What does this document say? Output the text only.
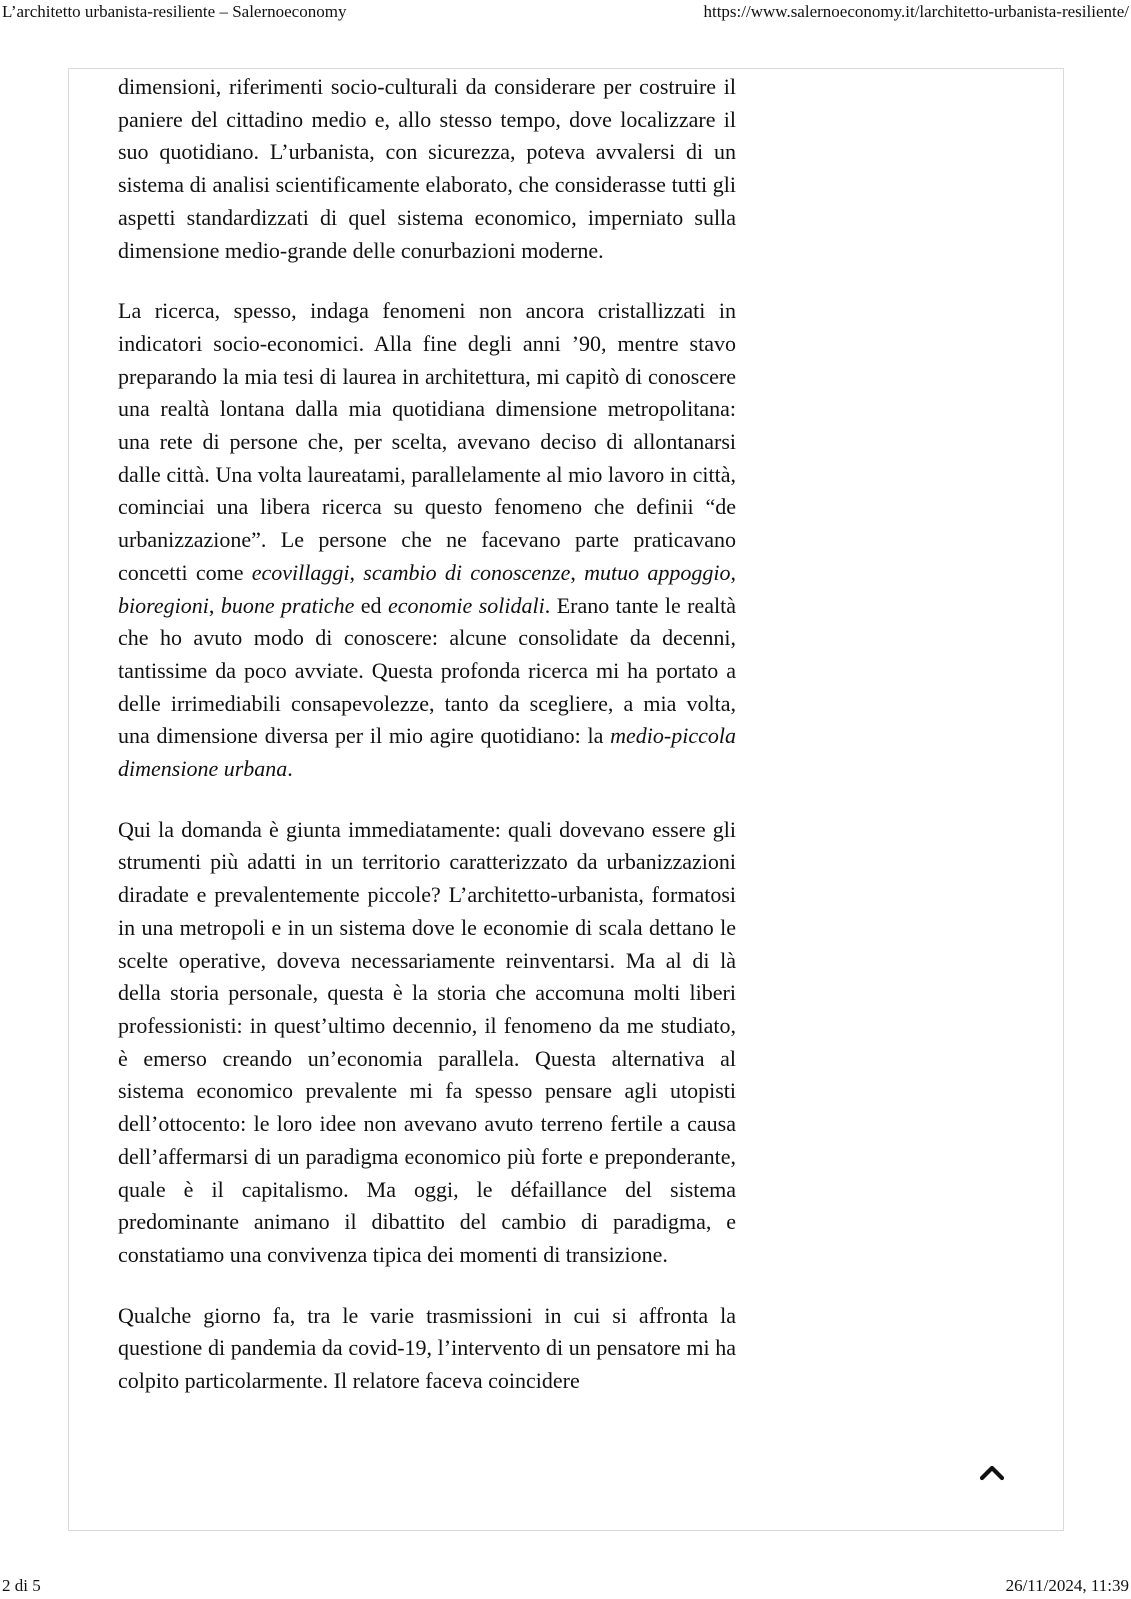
L’architetto urbanista-resiliente – Salernoeconomy	https://www.salernoeconomy.it/larchitetto-urbanista-resiliente/

dimensioni, riferimenti socio-culturali da considerare per costruire il paniere del cittadino medio e, allo stesso tempo, dove localizzare il suo quotidiano. L’urbanista, con sicurezza, poteva avvalersi di un sistema di analisi scientificamente elaborato, che considerasse tutti gli aspetti standardizzati di quel sistema economico, imperniato sulla dimensione medio-grande delle conurbazioni moderne.

La ricerca, spesso, indaga fenomeni non ancora cristallizzati in indicatori socio-economici. Alla fine degli anni ’90, mentre stavo preparando la mia tesi di laurea in architettura, mi capitò di conoscere una realtà lontana dalla mia quotidiana dimensione metropolitana: una rete di persone che, per scelta, avevano deciso di allontanarsi dalle città. Una volta laureatami, parallelamente al mio lavoro in città, cominciai una libera ricerca su questo fenomeno che definii “de urbanizzazione”. Le persone che ne facevano parte praticavano concetti come ecovillaggi, scambio di conoscenze, mutuo appoggio, bioregioni, buone pratiche ed economie solidali. Erano tante le realtà che ho avuto modo di conoscere: alcune consolidate da decenni, tantissime da poco avviate. Questa profonda ricerca mi ha portato a delle irrimediabili consapevolezze, tanto da scegliere, a mia volta, una dimensione diversa per il mio agire quotidiano: la medio-piccola dimensione urbana.

Qui la domanda è giunta immediatamente: quali dovevano essere gli strumenti più adatti in un territorio caratterizzato da urbanizzazioni diradate e prevalentemente piccole? L’architetto-urbanista, formatosi in una metropoli e in un sistema dove le economie di scala dettano le scelte operative, doveva necessariamente reinventarsi. Ma al di là della storia personale, questa è la storia che accomuna molti liberi professionisti: in quest’ultimo decennio, il fenomeno da me studiato, è emerso creando un’economia parallela. Questa alternativa al sistema economico prevalente mi fa spesso pensare agli utopisti dell’ottocento: le loro idee non avevano avuto terreno fertile a causa dell’affermarsi di un paradigma economico più forte e preponderante, quale è il capitalismo. Ma oggi, le défaillance del sistema predominante animano il dibattito del cambio di paradigma, e constatiamo una convivenza tipica dei momenti di transizione.

Qualche giorno fa, tra le varie trasmissioni in cui si affronta la questione di pandemia da covid-19, l’intervento di un pensatore mi ha colpito particolarmente. Il relatore faceva coincidere

2 di 5	26/11/2024, 11:39
